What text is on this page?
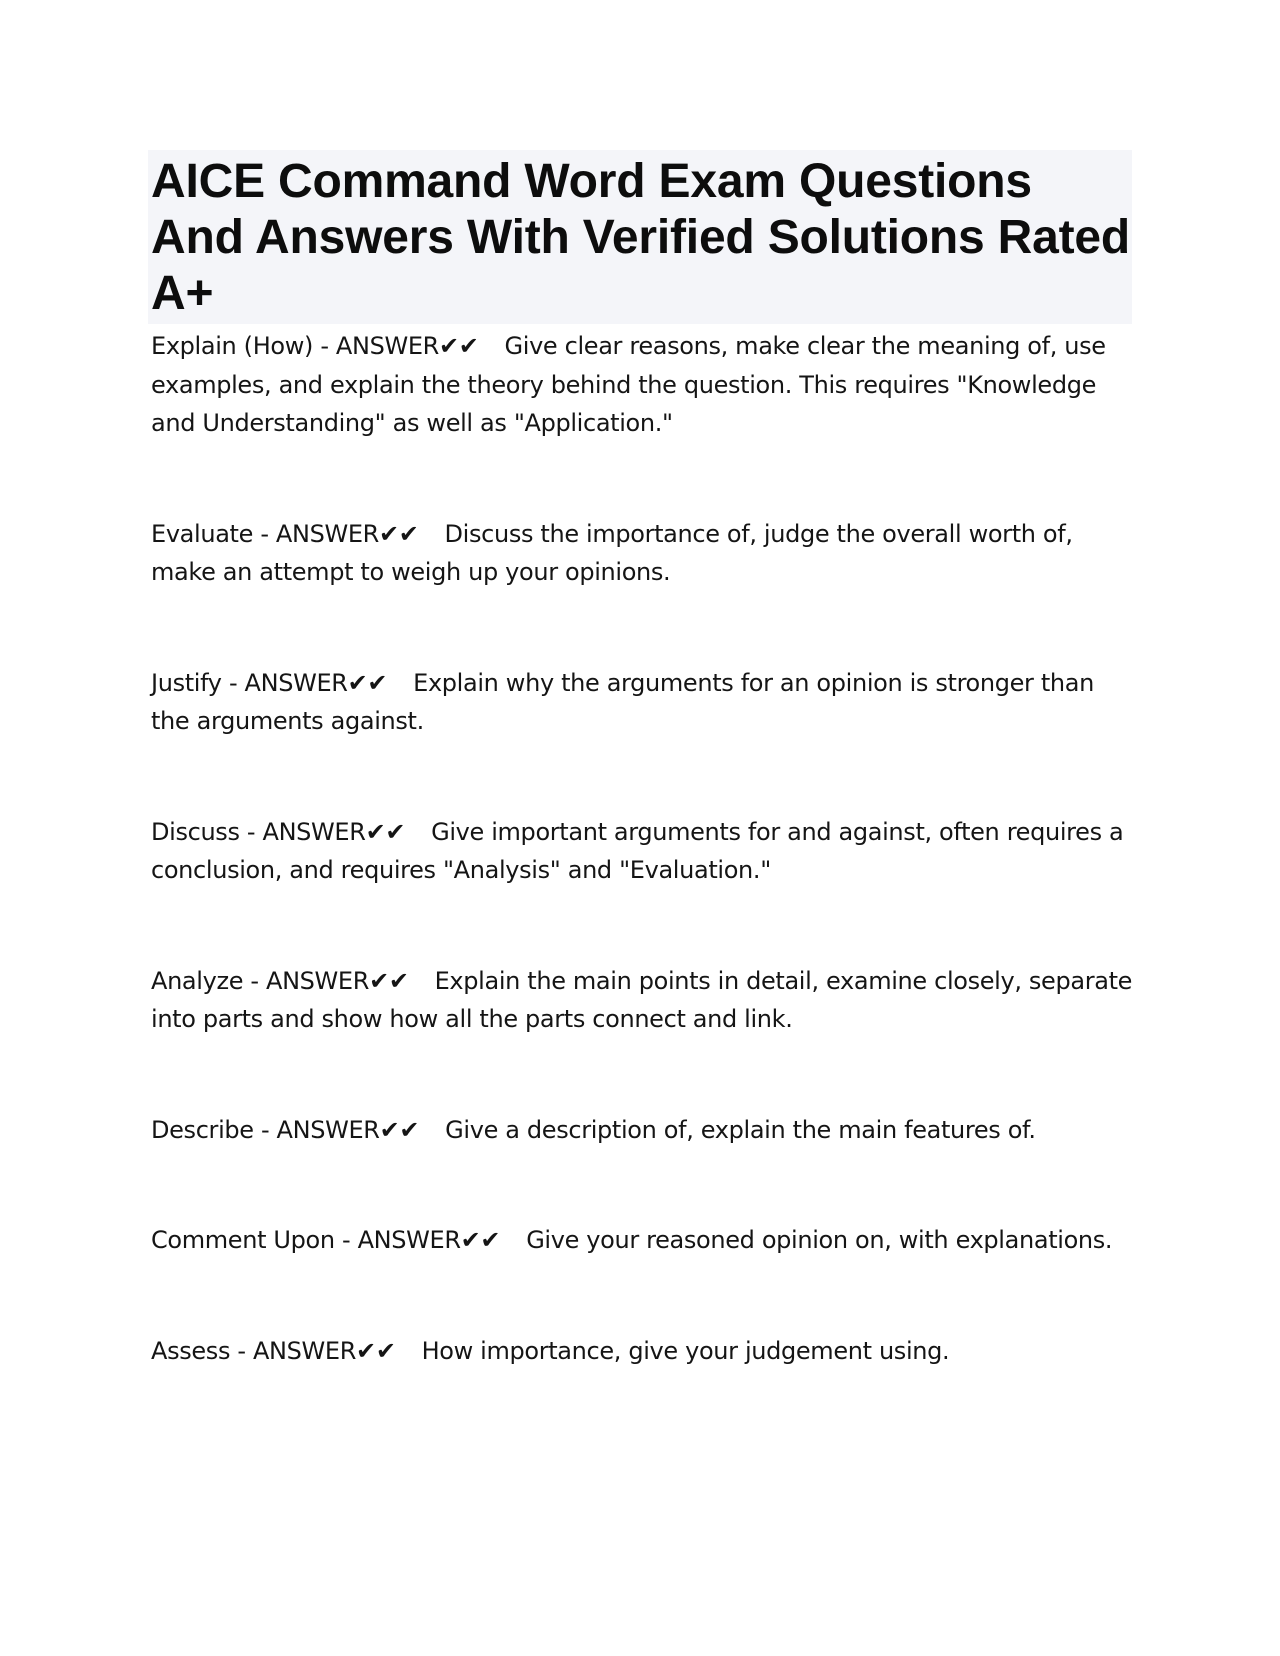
AICE Command Word Exam Questions And Answers With Verified Solutions Rated A+

Explain (How) - ANSWER✔✔ Give clear reasons, make clear the meaning of, use examples, and explain the theory behind the question. This requires "Knowledge and Understanding" as well as "Application."

Evaluate - ANSWER✔✔ Discuss the importance of, judge the overall worth of, make an attempt to weigh up your opinions.

Justify - ANSWER✔✔ Explain why the arguments for an opinion is stronger than the arguments against.

Discuss - ANSWER✔✔ Give important arguments for and against, often requires a conclusion, and requires "Analysis" and "Evaluation."

Analyze - ANSWER✔✔ Explain the main points in detail, examine closely, separate into parts and show how all the parts connect and link.

Describe - ANSWER✔✔ Give a description of, explain the main features of.

Comment Upon - ANSWER✔✔ Give your reasoned opinion on, with explanations.

Assess - ANSWER✔✔ How importance, give your judgement using.
